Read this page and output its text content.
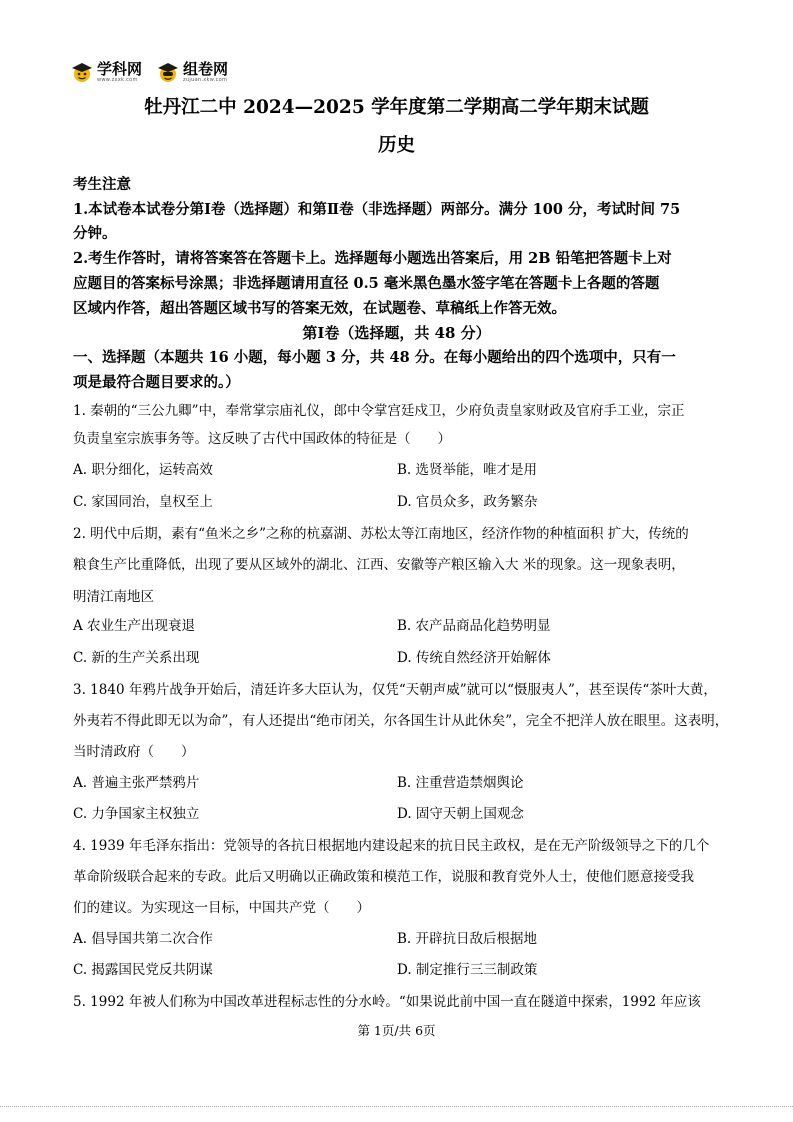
学科网
www.zxxk.com
组卷网
zujuan.xkw.com
牡丹江二中 2024—2025 学年度第二学期高二学年期末试题
历史
考生注意
1.本试卷本试卷分第Ⅰ卷（选择题）和第Ⅱ卷（非选择题）两部分。满分 100 分，考试时间 75
分钟。
2.考生作答时，请将答案答在答题卡上。选择题每小题选出答案后，用 2B 铅笔把答题卡上对
应题目的答案标号涂黑；非选择题请用直径 0.5 毫米黑色墨水签字笔在答题卡上各题的答题
区域内作答，超出答题区域书写的答案无效，在试题卷、草稿纸上作答无效。
第Ⅰ卷（选择题，共 48 分）
一、选择题（本题共 16 小题，每小题 3 分，共 48 分。在每小题给出的四个选项中，只有一
项是最符合题目要求的。）
1. 秦朝的“三公九卿”中，奉常掌宗庙礼仪，郎中令掌宫廷戍卫，少府负责皇家财政及官府手工业，宗正
负责皇室宗族事务等。这反映了古代中国政体的特征是（　　）
A. 职分细化，运转高效	B. 选贤举能，唯才是用
C. 家国同治，皇权至上	D. 官员众多，政务繁杂
2. 明代中后期，素有“鱼米之乡”之称的杭嘉湖、苏松太等江南地区，经济作物的种植面积 扩大，传统的
粮食生产比重降低，出现了要从区域外的湖北、江西、安徽等产粮区输入大 米的现象。这一现象表明，
明清江南地区
A 农业生产出现衰退	B. 农产品商品化趋势明显
C. 新的生产关系出现	D. 传统自然经济开始解体
3. 1840 年鸦片战争开始后，清廷许多大臣认为，仅凭“天朝声威”就可以“慑服夷人”，甚至误传“茶叶大黄，
外夷若不得此即无以为命”，有人还提出“绝市闭关，尔各国生计从此休矣”，完全不把洋人放在眼里。这表明，
当时清政府（　　）
A. 普遍主张严禁鸦片	B. 注重营造禁烟舆论
C. 力争国家主权独立	D. 固守天朝上国观念
4. 1939 年毛泽东指出：党领导的各抗日根据地内建设起来的抗日民主政权，是在无产阶级领导之下的几个
革命阶级联合起来的专政。此后又明确以正确政策和模范工作，说服和教育党外人士，使他们愿意接受我
们的建议。为实现这一目标，中国共产党（　　）
A. 倡导国共第二次合作	B. 开辟抗日敌后根据地
C. 揭露国民党反共阴谋	D. 制定推行三三制政策
5. 1992 年被人们称为中国改革进程标志性的分水岭。“如果说此前中国一直在隧道中探索，1992 年应该
第 1页/共 6页
